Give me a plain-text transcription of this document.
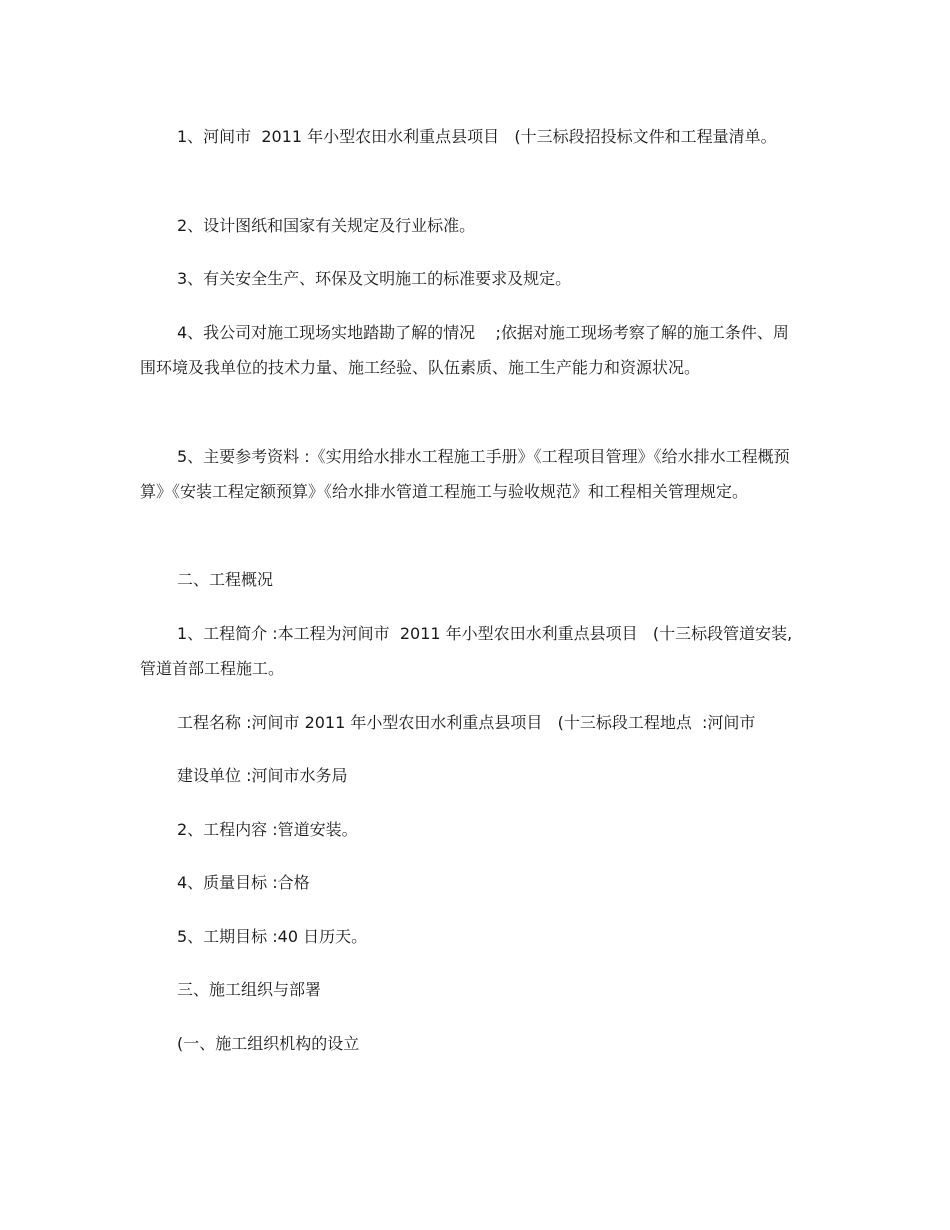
1、河间市  2011 年小型农田水利重点县项目   (十三标段招投标文件和工程量清单。

2、设计图纸和国家有关规定及行业标准。

3、有关安全生产、环保及文明施工的标准要求及规定。

4、我公司对施工现场实地踏勘了解的情况    ;依据对施工现场考察了解的施工条件、周围环境及我单位的技术力量、施工经验、队伍素质、施工生产能力和资源状况。

5、主要参考资料 :《实用给水排水工程施工手册》《工程项目管理》《给水排水工程概预算》《安装工程定额预算》《给水排水管道工程施工与验收规范》和工程相关管理规定。

二、工程概况

1、工程简介 :本工程为河间市  2011 年小型农田水利重点县项目   (十三标段管道安装,管道首部工程施工。

工程名称 :河间市 2011 年小型农田水利重点县项目   (十三标段工程地点  :河间市

建设单位 :河间市水务局

2、工程内容 :管道安装。

4、质量目标 :合格

5、工期目标 :40 日历天。

三、施工组织与部署

(一、施工组织机构的设立
